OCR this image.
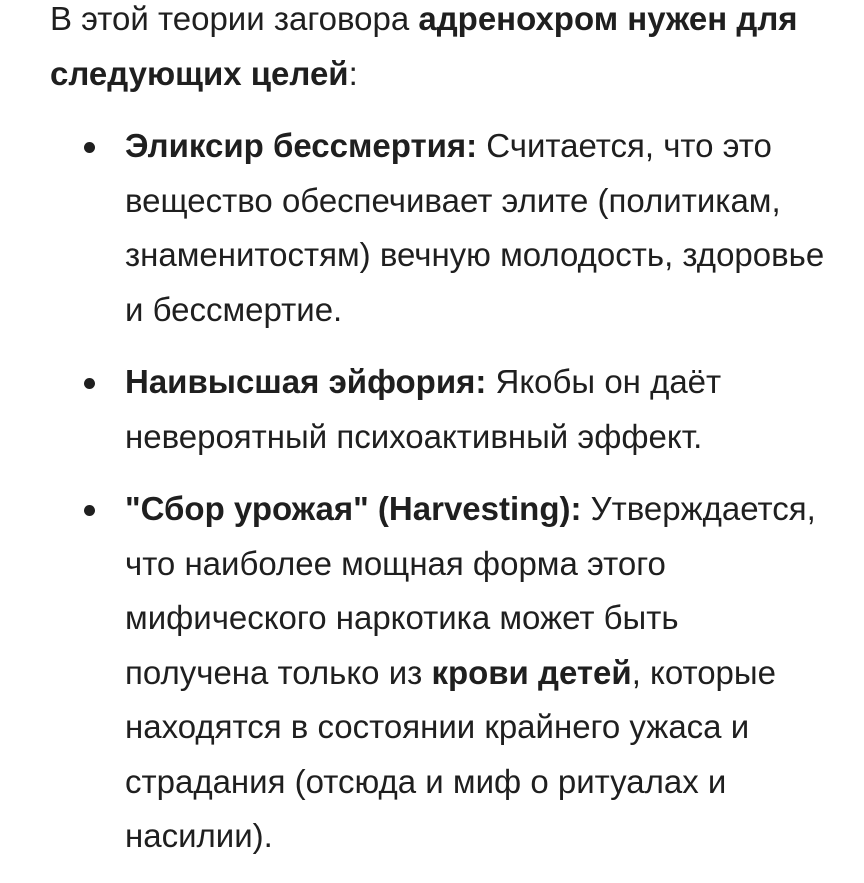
В этой теории заговора адренохром нужен для следующих целей:

Эликсир бессмертия: Считается, что это вещество обеспечивает элите (политикам, знаменитостям) вечную молодость, здоровье и бессмертие.
Наивысшая эйфория: Якобы он даёт невероятный психоактивный эффект.
"Сбор урожая" (Harvesting): Утверждается, что наиболее мощная форма этого мифического наркотика может быть получена только из крови детей, которые находятся в состоянии крайнего ужаса и страдания (отсюда и миф о ритуалах и насилии).
